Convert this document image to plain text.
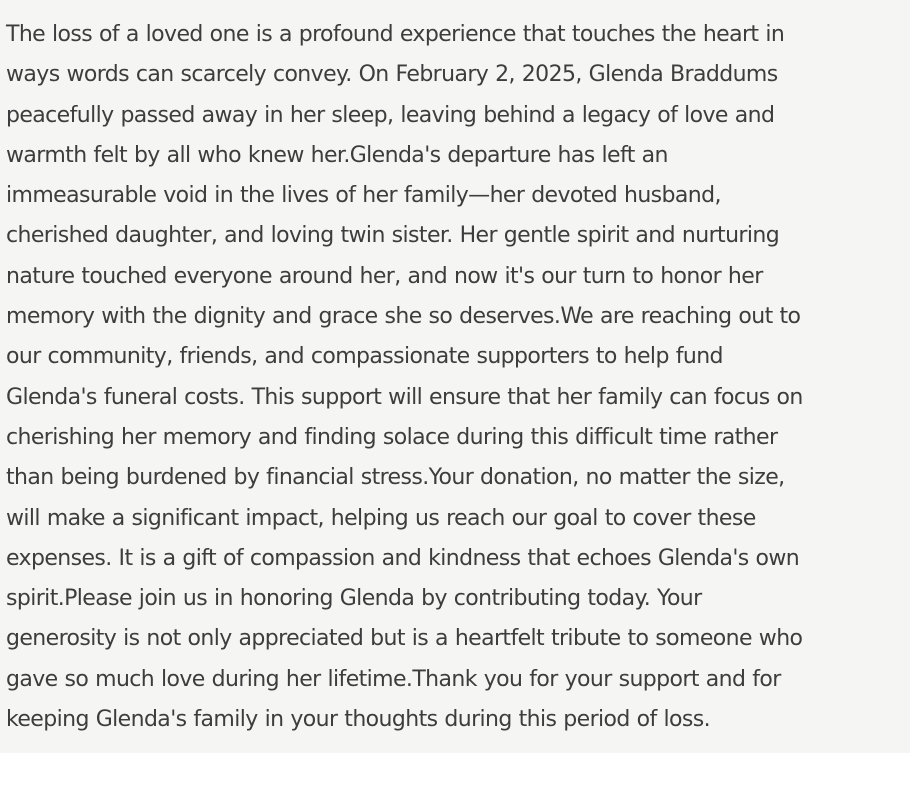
The loss of a loved one is a profound experience that touches the heart in
ways words can scarcely convey. On February 2, 2025, Glenda Braddums
peacefully passed away in her sleep, leaving behind a legacy of love and
warmth felt by all who knew her.Glenda's departure has left an
immeasurable void in the lives of her family—her devoted husband,
cherished daughter, and loving twin sister. Her gentle spirit and nurturing
nature touched everyone around her, and now it's our turn to honor her
memory with the dignity and grace she so deserves.We are reaching out to
our community, friends, and compassionate supporters to help fund
Glenda's funeral costs. This support will ensure that her family can focus on
cherishing her memory and finding solace during this difficult time rather
than being burdened by financial stress.Your donation, no matter the size,
will make a significant impact, helping us reach our goal to cover these
expenses. It is a gift of compassion and kindness that echoes Glenda's own
spirit.Please join us in honoring Glenda by contributing today. Your
generosity is not only appreciated but is a heartfelt tribute to someone who
gave so much love during her lifetime.Thank you for your support and for
keeping Glenda's family in your thoughts during this period of loss.
